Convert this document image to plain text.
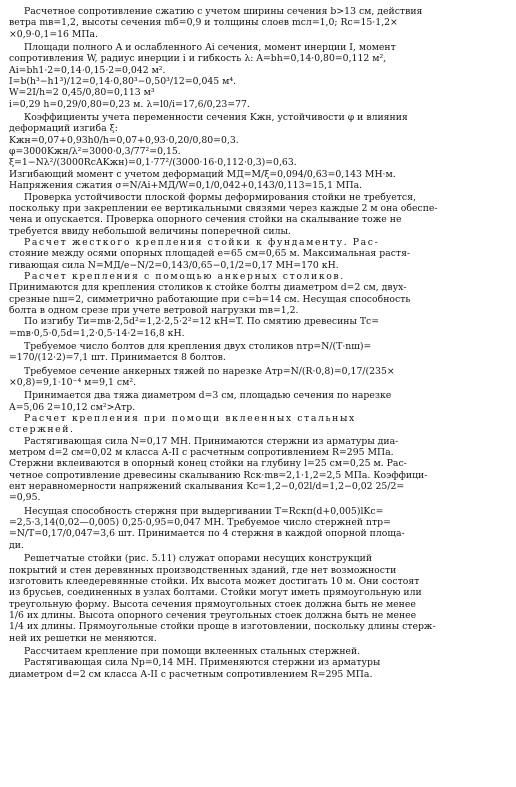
Расчетное сопротивление сжатию с учетом ширины сечения b>13 см, действия

ветра mв=1,2, высоты сечения mб=0,9 и толщины слоев mсл=1,0; Rс=15·1,2×

×0,9·0,1=16 МПа.

Площади полного A и ослабленного Ai сечения, момент инерции I, момент

сопротивления W, радиус инерции i и гибкость λ: A=bh=0,14·0,80=0,112 м²,

Ai=bh1·2=0,14·0,15·2=0,042 м².

I=b(h³−h1³)/12=0,14·0,80³−0,50³/12=0,045 м⁴.

W=2I/h=2 0,45/0,80=0,113 м³

i=0,29 h=0,29/0,80=0,23 м. λ=l0/i=17,6/0,23=77.

Коэффициенты учета переменности сечения Kжн, устойчивости φ и влияния

деформаций изгиба ξ:

Kжн=0,07+0,93h0/h=0,07+0,93·0,20/0,80=0,3.

φ=3000Kжн/λ²=3000·0,3/77²=0,15.

ξ=1−Nλ²/(3000RсAKжн)=0,1·77²/(3000·16·0,112·0,3)=0,63.

Изгибающий момент с учетом деформаций MД=M/ξ=0,094/0,63=0,143 МН·м.

Напряжения сжатия σ=N/Ai+MД/W=0,1/0,042+0,143/0,113=15,1 МПа.

Проверка устойчивости плоской формы деформирования стойки не требуется,

поскольку при закреплении ее вертикальными связями через каждые 2 м она обеспе-

чена и опускается. Проверка опорного сечения стойки на скалывание тоже не

требуется ввиду небольшой величины поперечной силы.

Расчет жесткого крепления стойки к фундаменту. Рас-

стояние между осями опорных площадей e=65 см=0,65 м. Максимальная растя-

гивающая сила N=MД/e−N/2=0,143/0,65−0,1/2=0,17 МН=170 кН.

Расчет крепления с помощью анкерных столиков.

Принимаются для крепления столиков к стойке болты диаметром d=2 см, двух-

срезные nш=2, симметрично работающие при c=b=14 см. Несущая способность

болта в одном срезе при учете ветровой нагрузки mв=1,2.

По изгибу Tи=mв·2,5d²=1,2·2,5·2²=12 кН=T. По смятию древесины Tс=

=mв·0,5·0,5d=1,2·0,5·14·2=16,8 кН.

Требуемое число болтов для крепления двух столиков nтр=N/(T·nш)=

=170/(12·2)=7,1 шт. Принимается 8 болтов.

Требуемое сечение анкерных тяжей по нарезке Aтр=N/(R·0,8)=0,17/(235×

×0,8)=9,1·10⁻⁴ м=9,1 см².

Принимается два тяжа диаметром d=3 см, площадью сечения по нарезке

A=5,06 2=10,12 см²>Aтр.

Расчет крепления при помощи вклеенных стальных

стержней.

Растягивающая сила N=0,17 МН. Принимаются стержни из арматуры диа-

метром d=2 см=0,02 м класса А-II с расчетным сопротивлением R=295 МПа.

Стержни вклеиваются в опорный конец стойки на глубину l=25 см=0,25 м. Рас-

четное сопротивление древесины скалыванию Rск·mв=2,1·1,2=2,5 МПа. Коэффици-

ент неравномерности напряжений скалывания Kс=1,2−0,02l/d=1,2−0,02 25/2=

=0,95.

Несущая способность стержня при выдергивании T=Rскπ(d+0,005)lKс=

=2,5·3,14(0,02—0,005) 0,25·0,95=0,047 МН. Требуемое число стержней nтр=

=N/T=0,17/0,047=3,6 шт. Принимается по 4 стержня в каждой опорной площа-

ди.

Решетчатые стойки (рис. 5.11) служат опорами несущих конструкций

покрытий и стен деревянных производственных зданий, где нет возможности

изготовить клеедеревянные стойки. Их высота может достигать 10 м. Они состоят

из брусьев, соединенных в узлах болтами. Стойки могут иметь прямоугольную или

треугольную форму. Высота сечения прямоугольных стоек должна быть не менее

1/6 их длины. Высота опорного сечения треугольных стоек должна быть не менее

1/4 их длины. Прямоугольные стойки проще в изготовлении, поскольку длины стерж-

ней их решетки не меняются.

Рассчитаем крепление при помощи вклеенных стальных стержней.

Растягивающая сила Np=0,14 МН. Применяются стержни из арматуры

диаметром d=2 см класса А-II с расчетным сопротивлением R=295 МПа.
